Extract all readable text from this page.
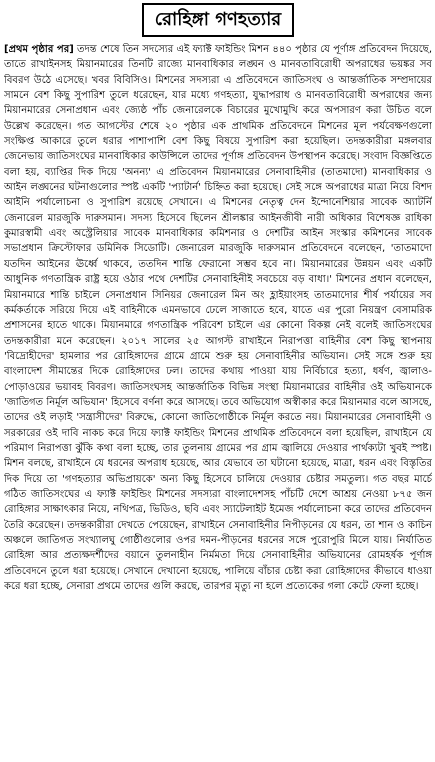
রোহিঙ্গা গণহত্যার

[প্রথম পৃষ্ঠার পর] তদন্ত শেষে তিন সদস্যের এই ফ্যাক্ট ফাইন্ডিং মিশন ৪৪০ পৃষ্ঠার যে পূর্ণাঙ্গ প্রতিবেদন দিয়েছে, তাতে রাখাইনসহ মিয়ানমারের তিনটি রাজ্যে মানবাধিকার লঙ্ঘন ও মানবতাবিরোধী অপরাধের ভয়ঙ্কর সব বিবরণ উঠে এসেছে। খবর বিবিসিও। মিশনের সদস্যরা এ প্রতিবেদনে জাতিসংঘ ও আন্তর্জাতিক সম্প্রদায়ের সামনে বেশ কিছু সুপারিশ তুলে ধরেছেন, যার মধ্যে গণহত্যা, যুদ্ধাপরাধ ও মানবতাবিরোধী অপরাধের জন্য মিয়ানমারের সেনাপ্রধান এবং জ্যেষ্ঠ পাঁচ জেনারেলকে বিচারের মুখোমুখি করে অপসারণ করা উচিত বলে উল্লেখ করেছেন। গত আগস্টের শেষে ২০ পৃষ্ঠার এক প্রাথমিক প্রতিবেদনে মিশনের মূল পর্যবেক্ষণগুলো সংক্ষিপ্ত আকারে তুলে ধরার পাশাপাশি বেশ কিছু বিষয়ে সুপারিশ করা হয়েছিল। তদন্তকারীরা মঙ্গলবার জেনেভায় জাতিসংঘের মানবাধিকার কাউন্সিলে তাদের পূর্ণাঙ্গ প্রতিবেদন উপস্থাপন করেছে। সংবাদ বিজ্ঞপ্তিতে বলা হয়, ব্যাপ্তির দিক দিয়ে 'অনন্য' এ প্রতিবেদন মিয়ানমারের সেনাবাহিনীর (তাতমাদো) মানবাধিকার ও আইন লঙ্ঘনের ঘটনাগুলোর স্পষ্ট একটি 'প্যাটার্ন' চিহ্নিত করা হয়েছে। সেই সঙ্গে অপরাধের মাত্রা নিয়ে বিশদ আইনি পর্যালোচনা ও সুপারিশ রয়েছে সেখানে। এ মিশনের নেতৃত্ব দেন ইন্দোনেশিয়ার সাবেক অ্যাটর্নি জেনারেল মারজুকি দারুসমান। সদস্য হিসেবে ছিলেন শ্রীলঙ্কার আইনজীবী নারী অধিকার বিশেষজ্ঞ রাধিকা কুমারস্বামী এবং অস্ট্রেলিয়ার সাবেক মানবাধিকার কমিশনার ও দেশটির আইন সংস্কার কমিশনের সাবেক সভাপ্রধান ক্রিস্টোফার ডমিনিক সিডোটি। জেনারেল মারজুকি দারুসমান প্রতিবেদনে বলেছেন, 'তাতমাদো যতদিন আইনের ঊর্ধ্বে থাকবে, ততদিন শান্তি ফেরানো সম্ভব হবে না। মিয়ানমারের উন্নয়ন এবং একটি আধুনিক গণতান্ত্রিক রাষ্ট্র হয়ে ওঠার পথে দেশটির সেনাবাহিনীই সবচেয়ে বড় বাধা।' মিশনের প্রধান বলেছেন, মিয়ানমারে শান্তি চাইলে সেনাপ্রধান সিনিয়র জেনারেল মিন অং হ্লাইয়াংসহ তাতমাদোর শীর্ষ পর্যায়ের সব কর্মকর্তাকে সরিয়ে দিয়ে এই বাহিনীকে এমনভাবে ঢেলে সাজাতে হবে, যাতে এর পুরো নিয়ন্ত্রণ বেসামরিক প্রশাসনের হাতে থাকে। মিয়ানমারে গণতান্ত্রিক পরিবেশ চাইলে এর কোনো বিকল্প নেই বলেই জাতিসংঘের তদন্তকারীরা মনে করেছেন। ২০১৭ সালের ২৫ আগস্ট রাখাইনে নিরাপত্তা বাহিনীর বেশ কিছু স্থাপনায় 'বিদ্রোহীদের' হামলার পর রোহিঙ্গাদের গ্রামে গ্রামে শুরু হয় সেনাবাহিনীর অভিযান। সেই সঙ্গে শুরু হয় বাংলাদেশ সীমান্তের দিকে রোহিঙ্গাদের ঢল। তাদের কথায় পাওয়া যায় নির্বিচারে হত্যা, ধর্ষণ, জ্বালাও-পোড়াওয়ের ভয়াবহ বিবরণ। জাতিসংঘসহ আন্তর্জাতিক বিভিন্ন সংস্থা মিয়ানমারের বাহিনীর ওই অভিযানকে 'জাতিগত নির্মূল অভিযান' হিসেবে বর্ণনা করে আসছে। তবে অভিযোগ অস্বীকার করে মিয়ানমার বলে আসছে, তাদের ওই লড়াই 'সন্ত্রাসীদের' বিরুদ্ধে, কোনো জাতিগোষ্ঠীকে নির্মূল করতে নয়। মিয়ানমারের সেনাবাহিনী ও সরকারের ওই দাবি নাকচ করে দিয়ে ফ্যাক্ট ফাইন্ডিং মিশনের প্রাথমিক প্রতিবেদনে বলা হয়েছিল, রাখাইনে যে পরিমাণ নিরাপত্তা ঝুঁকি কথা বলা হচ্ছে, তার তুলনায় গ্রামের পর গ্রাম জ্বালিয়ে দেওয়ার পার্থক্যটা খুবই স্পষ্ট। মিশন বলছে, রাখাইনে যে ধরনের অপরাধ হয়েছে, আর যেভাবে তা ঘটানো হয়েছে, মাত্রা, ধরন এবং বিস্তৃতির দিক দিয়ে তা 'গণহত্যার অভিপ্রায়কে' অন্য কিছু হিসেবে চালিয়ে দেওয়ার চেষ্টার সমতুল্য। গত বছর মার্চে গঠিত জাতিসংঘের এ ফ্যাক্ট ফাইন্ডিং মিশনের সদস্যরা বাংলাদেশসহ পাঁচটি দেশে আশ্রয় নেওয়া ৮৭৫ জন রোহিঙ্গার সাক্ষাৎকার নিয়ে, নথিপত্র, ভিডিও, ছবি এবং স্যাটেলাইট ইমেজ পর্যালোচনা করে তাদের প্রতিবেদন তৈরি করেছেন। তদন্তকারীরা দেখতে পেয়েছেন, রাখাইনে সেনাবাহিনীর নিপীড়নের যে ধরন, তা শান ও কাচিন অঞ্চলে জাতিগত সংখ্যালঘু গোষ্ঠীগুলোর ওপর দমন-পীড়নের ধরনের সঙ্গে পুরোপুরি মিলে যায়। নির্যাতিত রোহিঙ্গা আর প্রত্যক্ষদর্শীদের বয়ানে তুলনাহীন নির্মমতা দিয়ে সেনাবাহিনীর অভিযানের রোমহর্ষক পূর্ণাঙ্গ প্রতিবেদনে তুলে ধরা হয়েছে। সেখানে দেখানো হয়েছে, পালিয়ে বাঁচার চেষ্টা করা রোহিঙ্গাদের কীভাবে ধাওয়া করে ধরা হচ্ছে, সেনারা প্রথমে তাদের গুলি করছে, তারপর মৃত্যু না হলে প্রত্যেকের গলা কেটে ফেলা হচ্ছে।
